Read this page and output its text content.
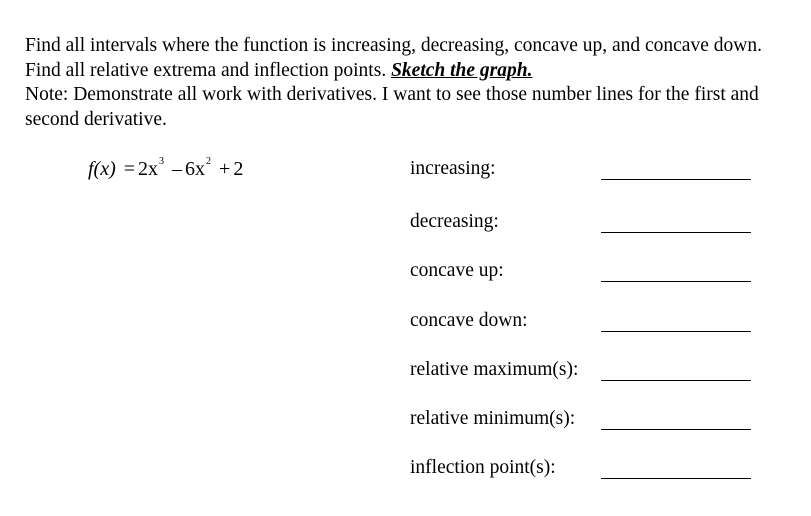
Find all intervals where the function is increasing, decreasing, concave up, and concave down. Find all relative extrema and inflection points. Sketch the graph.

Note: Demonstrate all work with derivatives. I want to see those number lines for the first and second derivative.

$f(x) = 2x^3 - 6x^2 + 2$	increasing:
decreasing:
concave up:
concave down:
relative maximum(s):
relative minimum(s):
inflection point(s):
